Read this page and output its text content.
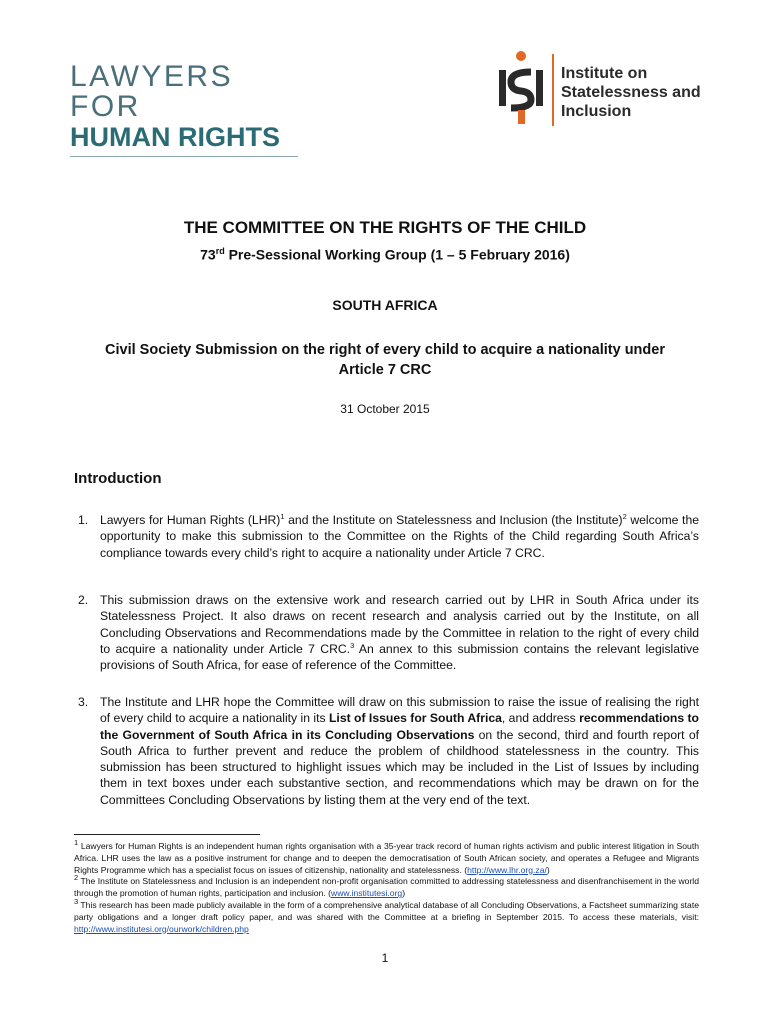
LAWYERS FOR
HUMAN RIGHTS
Institute on
Statelessness and
Inclusion
THE COMMITTEE ON THE RIGHTS OF THE CHILD
73rd Pre-Sessional Working Group (1 – 5 February 2016)
SOUTH AFRICA
Civil Society Submission on the right of every child to acquire a nationality under
Article 7 CRC
31 October 2015
Introduction
1. Lawyers for Human Rights (LHR)$^1$ and the Institute on Statelessness and Inclusion (the Institute)$^2$ welcome the opportunity to make this submission to the Committee on the Rights of the Child regarding South Africa’s compliance towards every child’s right to acquire a nationality under Article 7 CRC.
2. This submission draws on the extensive work and research carried out by LHR in South Africa under its Statelessness Project. It also draws on recent research and analysis carried out by the Institute, on all Concluding Observations and Recommendations made by the Committee in relation to the right of every child to acquire a nationality under Article 7 CRC.$^3$ An annex to this submission contains the relevant legislative provisions of South Africa, for ease of reference of the Committee.
3. The Institute and LHR hope the Committee will draw on this submission to raise the issue of realising the right of every child to acquire a nationality in its List of Issues for South Africa, and address recommendations to the Government of South Africa in its Concluding Observations on the second, third and fourth report of South Africa to further prevent and reduce the problem of childhood statelessness in the country. This submission has been structured to highlight issues which may be included in the List of Issues by including them in text boxes under each substantive section, and recommendations which may be drawn on for the Committees Concluding Observations by listing them at the very end of the text.

$^1$ Lawyers for Human Rights is an independent human rights organisation with a 35-year track record of human rights activism and public interest litigation in South Africa. LHR uses the law as a positive instrument for change and to deepen the democratisation of South African society, and operates a Refugee and Migrants Rights Programme which has a specialist focus on issues of citizenship, nationality and statelessness. (http://www.lhr.org.za/)

$^2$ The Institute on Statelessness and Inclusion is an independent non-profit organisation committed to addressing statelessness and disenfranchisement in the world through the promotion of human rights, participation and inclusion. (www.institutesi.org)

$^3$ This research has been made publicly available in the form of a comprehensive analytical database of all Concluding Observations, a Factsheet summarizing state party obligations and a longer draft policy paper, and was shared with the Committee at a briefing in September 2015. To access these materials, visit: http://www.institutesi.org/ourwork/children.php

1
